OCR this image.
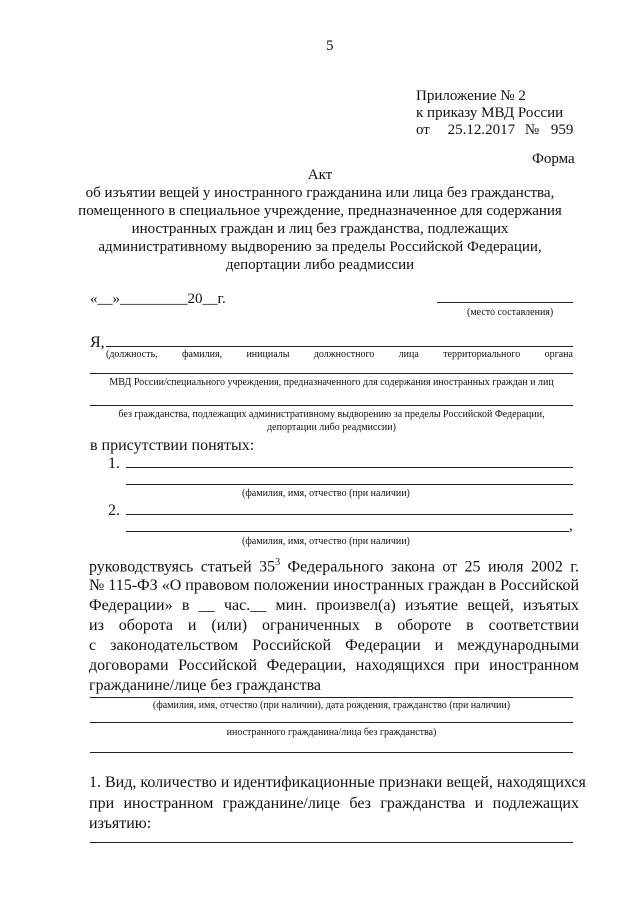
5
Приложение № 2
к приказу МВД России
от 25.12.2017 № 959
Форма
Акт
об изъятии вещей у иностранного гражданина или лица без гражданства,
помещенного в специальное учреждение, предназначенное для содержания
иностранных граждан и лиц без гражданства, подлежащих
административному выдворению за пределы Российской Федерации,
депортации либо реадмиссии
«__»_________20__г.
(место составления)
Я,
(должность, фамилия, инициалы должностного лица территориального органа
МВД России/специального учреждения, предназначенного для содержания иностранных граждан и лиц
без гражданства, подлежащих административному выдворению за пределы Российской Федерации,
депортации либо реадмиссии)
в присутствии понятых:
1.
(фамилия, имя, отчество (при наличии)
2.
,
(фамилия, имя, отчество (при наличии)
руководствуясь статьей $35^3$ Федерального закона от 25 июля 2002 г.
№ 115-ФЗ «О правовом положении иностранных граждан в Российской
Федерации» в __ час.__ мин. произвел(а) изъятие вещей, изъятых
из оборота и (или) ограниченных в обороте в соответствии
с законодательством Российской Федерации и международными
договорами Российской Федерации, находящихся при иностранном
гражданине/лице без гражданства
(фамилия, имя, отчество (при наличии), дата рождения, гражданство (при наличии)
иностранного гражданина/лица без гражданства)
1. Вид, количество и идентификационные признаки вещей, находящихся
при иностранном гражданине/лице без гражданства и подлежащих
изъятию:
